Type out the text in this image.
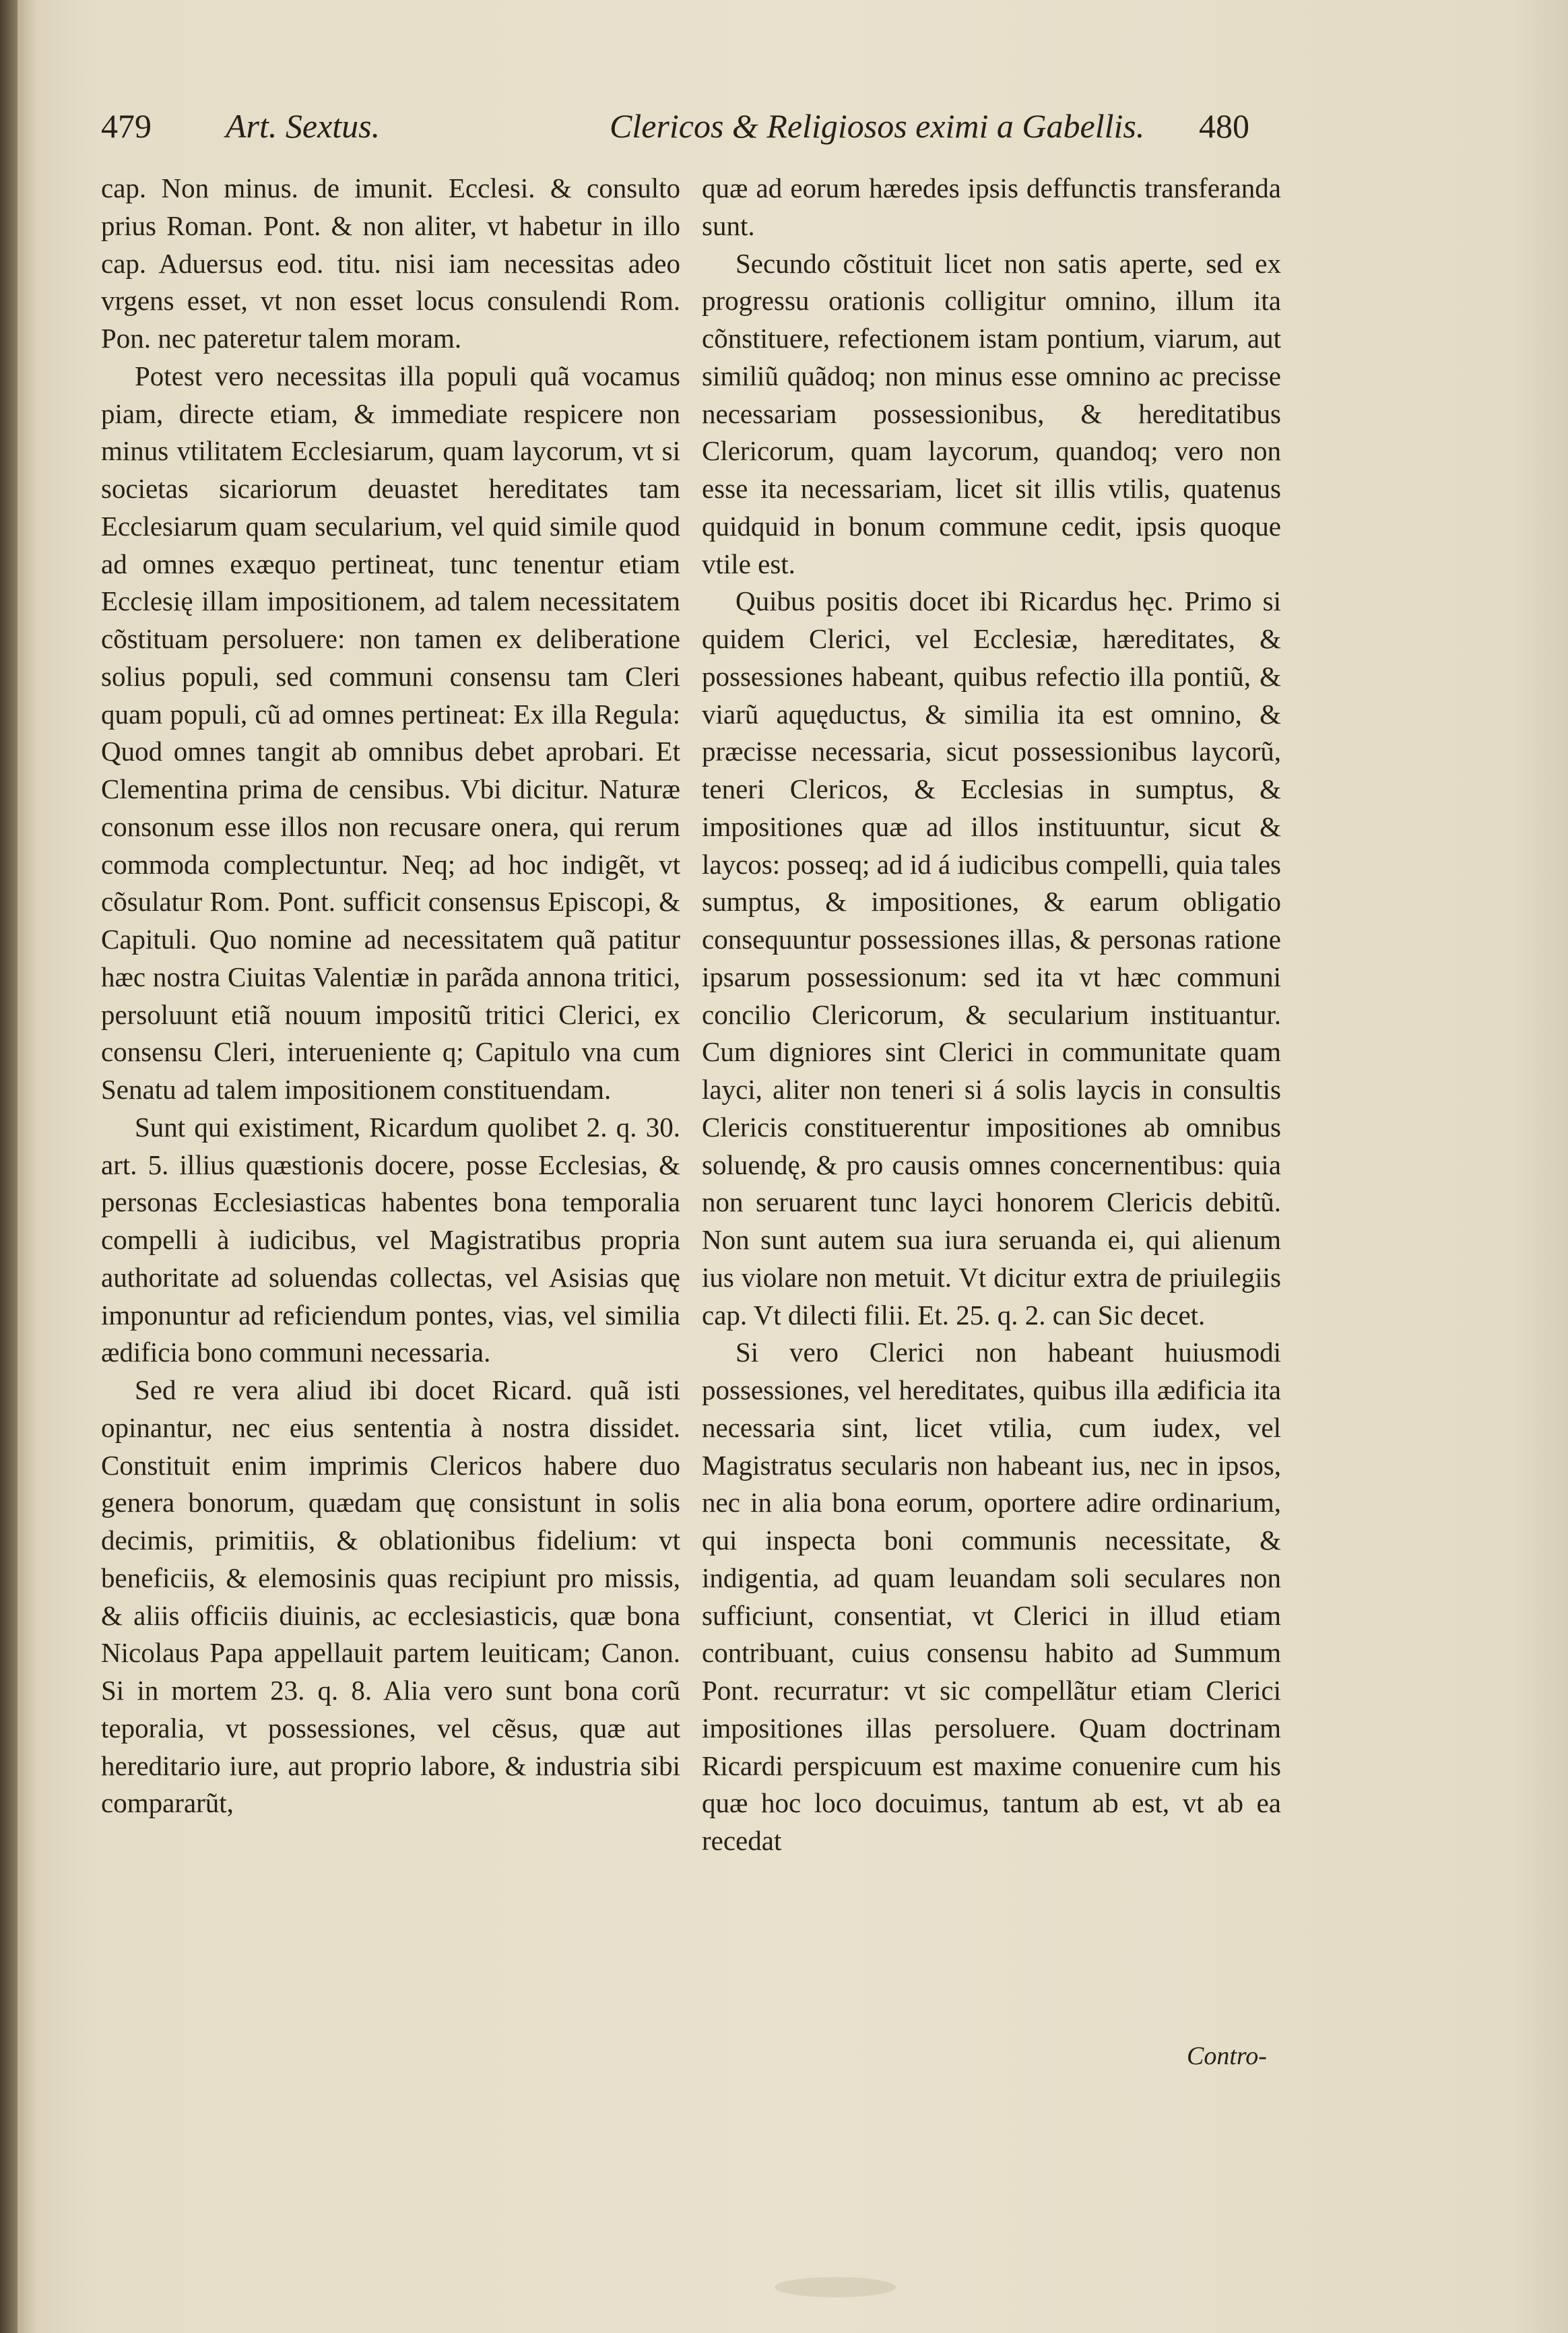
479 Art. Sextus.	Clericos & Religiosos eximi a Gabellis. 480

cap. Non minus. de imunit. Ecclesi. & consulto prius Roman. Pont. & non aliter, vt habetur in illo cap. Aduersus eod. titu. nisi iam necessitas adeo vrgens esset, vt non esset locus consulendi Rom. Pon. nec pateretur talem moram.

Potest vero necessitas illa populi quã vocamus piam, directe etiam, & immediate respicere non minus vtilitatem Ecclesiarum, quam laycorum, vt si societas sicariorum deuastet hereditates tam Ecclesiarum quam secularium, vel quid simile quod ad omnes exæquo pertineat, tunc tenentur etiam Ecclesię illam impositionem, ad talem necessitatem cõstituam persoluere: non tamen ex deliberatione solius populi, sed communi consensu tam Cleri quam populi, cũ ad omnes pertineat: Ex illa Regula: Quod omnes tangit ab omnibus debet aprobari. Et Clementina prima de censibus. Vbi dicitur. Naturæ consonum esse illos non recusare onera, qui rerum commoda complectuntur. Neq; ad hoc indigẽt, vt cõsulatur Rom. Pont. sufficit consensus Episcopi, & Capituli. Quo nomine ad necessitatem quã patitur hæc nostra Ciuitas Valentiæ in parãda annona tritici, persoluunt etiã nouum impositũ tritici Clerici, ex consensu Cleri, interueniente q; Capitulo vna cum Senatu ad talem impositionem constituendam.

Sunt qui existiment, Ricardum quolibet 2. q. 30. art. 5. illius quæstionis docere, posse Ecclesias, & personas Ecclesiasticas habentes bona temporalia compelli à iudicibus, vel Magistratibus propria authoritate ad soluendas collectas, vel Asisias quę imponuntur ad reficiendum pontes, vias, vel similia ædificia bono communi necessaria.

Sed re vera aliud ibi docet Ricard. quã isti opinantur, nec eius sententia à nostra dissidet. Constituit enim imprimis Clericos habere duo genera bonorum, quædam quę consistunt in solis decimis, primitiis, & oblationibus fidelium: vt beneficiis, & elemosinis quas recipiunt pro missis, & aliis officiis diuinis, ac ecclesiasticis, quæ bona Nicolaus Papa appellauit partem leuiticam; Canon. Si in mortem 23. q. 8. Alia vero sunt bona corũ teporalia, vt possessiones, vel cẽsus, quæ aut hereditario iure, aut proprio labore, & industria sibi compararũt,

quæ ad eorum hæredes ipsis deffunctis transferanda sunt.

Secundo cõstituit licet non satis aperte, sed ex progressu orationis colligitur omnino, illum ita cõnstituere, refectionem istam pontium, viarum, aut similiũ quãdoq; non minus esse omnino ac precisse necessariam possessionibus, & hereditatibus Clericorum, quam laycorum, quandoq; vero non esse ita necessariam, licet sit illis vtilis, quatenus quidquid in bonum commune cedit, ipsis quoque vtile est.

Quibus positis docet ibi Ricardus hęc. Primo si quidem Clerici, vel Ecclesiæ, hæreditates, & possessiones habeant, quibus refectio illa pontiũ, & viarũ aquęductus, & similia ita est omnino, & præcisse necessaria, sicut possessionibus laycorũ, teneri Clericos, & Ecclesias in sumptus, & impositiones quæ ad illos instituuntur, sicut & laycos: posseq; ad id á iudicibus compelli, quia tales sumptus, & impositiones, & earum obligatio consequuntur possessiones illas, & personas ratione ipsarum possessionum: sed ita vt hæc communi concilio Clericorum, & secularium instituantur. Cum digniores sint Clerici in communitate quam layci, aliter non teneri si á solis laycis in consultis Clericis constituerentur impositiones ab omnibus soluendę, & pro causis omnes concernentibus: quia non seruarent tunc layci honorem Clericis debitũ. Non sunt autem sua iura seruanda ei, qui alienum ius violare non metuit. Vt dicitur extra de priuilegiis cap. Vt dilecti filii. Et. 25. q. 2. can Sic decet.

Si vero Clerici non habeant huiusmodi possessiones, vel hereditates, quibus illa ædificia ita necessaria sint, licet vtilia, cum iudex, vel Magistratus secularis non habeant ius, nec in ipsos, nec in alia bona eorum, oportere adire ordinarium, qui inspecta boni communis necessitate, & indigentia, ad quam leuandam soli seculares non sufficiunt, consentiat, vt Clerici in illud etiam contribuant, cuius consensu habito ad Summum Pont. recurratur: vt sic compellãtur etiam Clerici impositiones illas persoluere. Quam doctrinam Ricardi perspicuum est maxime conuenire cum his quæ hoc loco docuimus, tantum ab est, vt ab ea recedat

Contro-
